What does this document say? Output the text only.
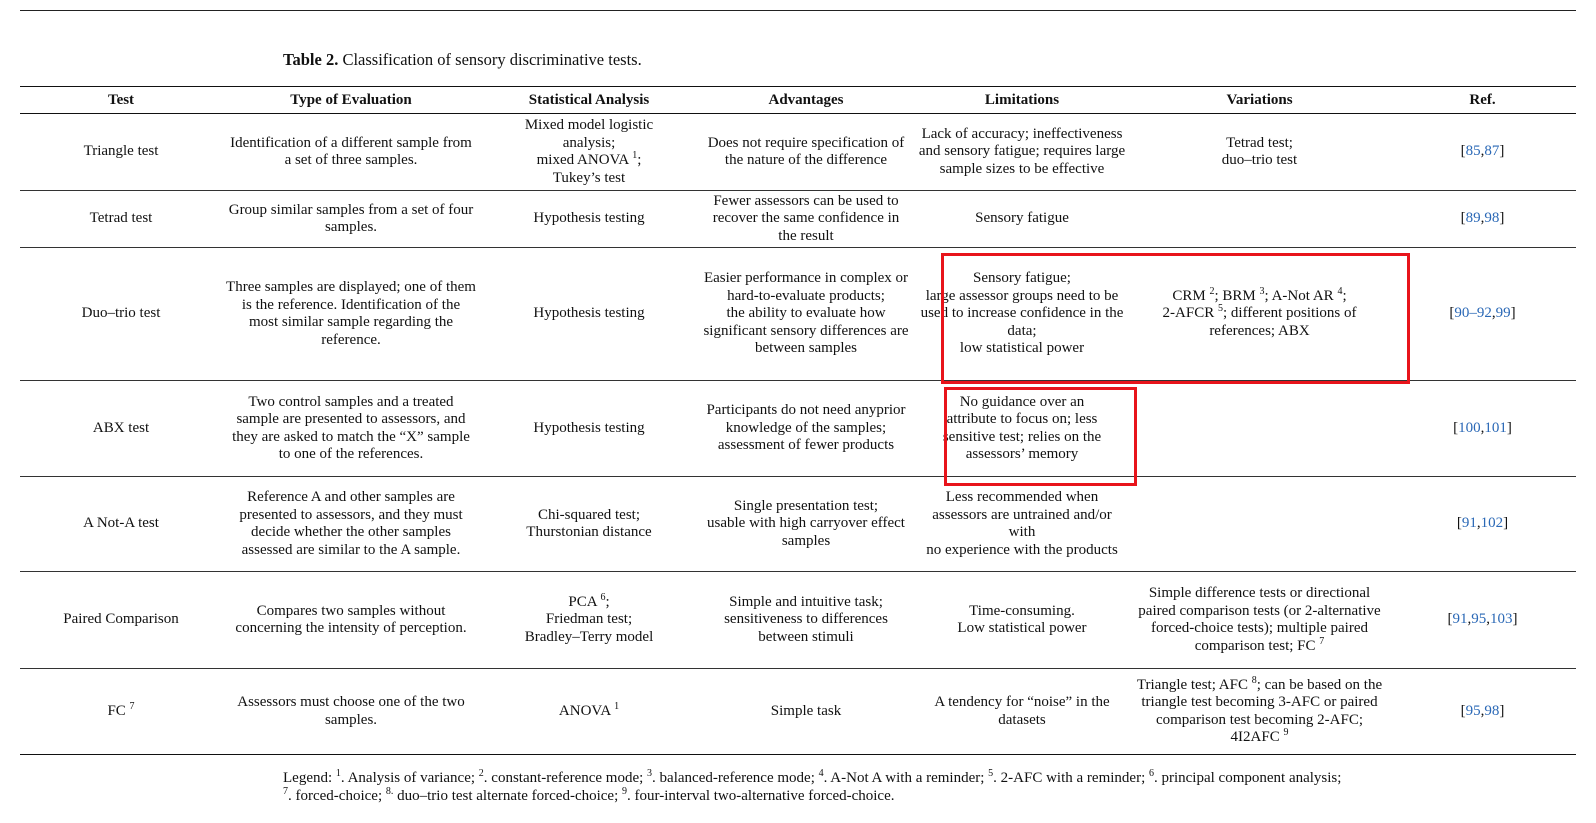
Table 2. Classification of sensory discriminative tests.
Test	Type of Evaluation	Statistical Analysis	Advantages	Limitations	Variations	Ref.
Triangle test	Identification of a different sample from a set of three samples.	Mixed model logistic
analysis;
mixed ANOVA $^1$;
Tukey’s test	Does not require specification of the nature of the difference	Lack of accuracy; ineffectiveness and sensory fatigue; requires large sample sizes to be effective	Tetrad test;
duo–trio test	[85,87]
Tetrad test	Group similar samples from a set of four samples.	Hypothesis testing	Fewer assessors can be used to recover the same confidence in the result	Sensory fatigue		[89,98]
Duo–trio test	Three samples are displayed; one of them is the reference. Identification of the most similar sample regarding the reference.	Hypothesis testing	Easier performance in complex or hard-to-evaluate products;
the ability to evaluate how significant sensory differences are between samples	Sensory fatigue;
large assessor groups need to be used to increase confidence in the data;
low statistical power	CRM $^2$; BRM $^3$; A-Not AR $^4$;
2-AFCR $^5$; different positions of references; ABX	[90–92,99]
ABX test	Two control samples and a treated sample are presented to assessors, and they are asked to match the “X” sample to one of the references.	Hypothesis testing	Participants do not need anyprior knowledge of the samples;
assessment of fewer products	No guidance over an attribute to focus on; less sensitive test; relies on the assessors’ memory		[100,101]
A Not-A test	Reference A and other samples are presented to assessors, and they must decide whether the other samples assessed are similar to the A sample.	Chi-squared test;
Thurstonian distance	Single presentation test;
usable with high carryover effect samples	Less recommended when assessors are untrained and/or with
no experience with the products		[91,102]
Paired Comparison	Compares two samples without concerning the intensity of perception.	PCA $^6$;
Friedman test;
Bradley–Terry model	Simple and intuitive task;
sensitiveness to differences between stimuli	Time-consuming.
Low statistical power	Simple difference tests or directional paired comparison tests (or 2-alternative forced-choice tests); multiple paired comparison test; FC $^7$	[91,95,103]
FC $^7$	Assessors must choose one of the two samples.	ANOVA $^1$	Simple task	A tendency for “noise” in the datasets	Triangle test; AFC $^8$; can be based on the triangle test becoming 3-AFC or paired comparison test becoming 2-AFC; 4I2AFC $^9$	[95,98]

Legend: $^1$. Analysis of variance; $^2$. constant-reference mode; $^3$. balanced-reference mode; $^4$. A-Not A with a reminder; $^5$. 2-AFC with a reminder; $^6$. principal component analysis;

$^7$. forced-choice; $^{8.}$ duo–trio test alternate forced-choice; $^9$. four-interval two-alternative forced-choice.
